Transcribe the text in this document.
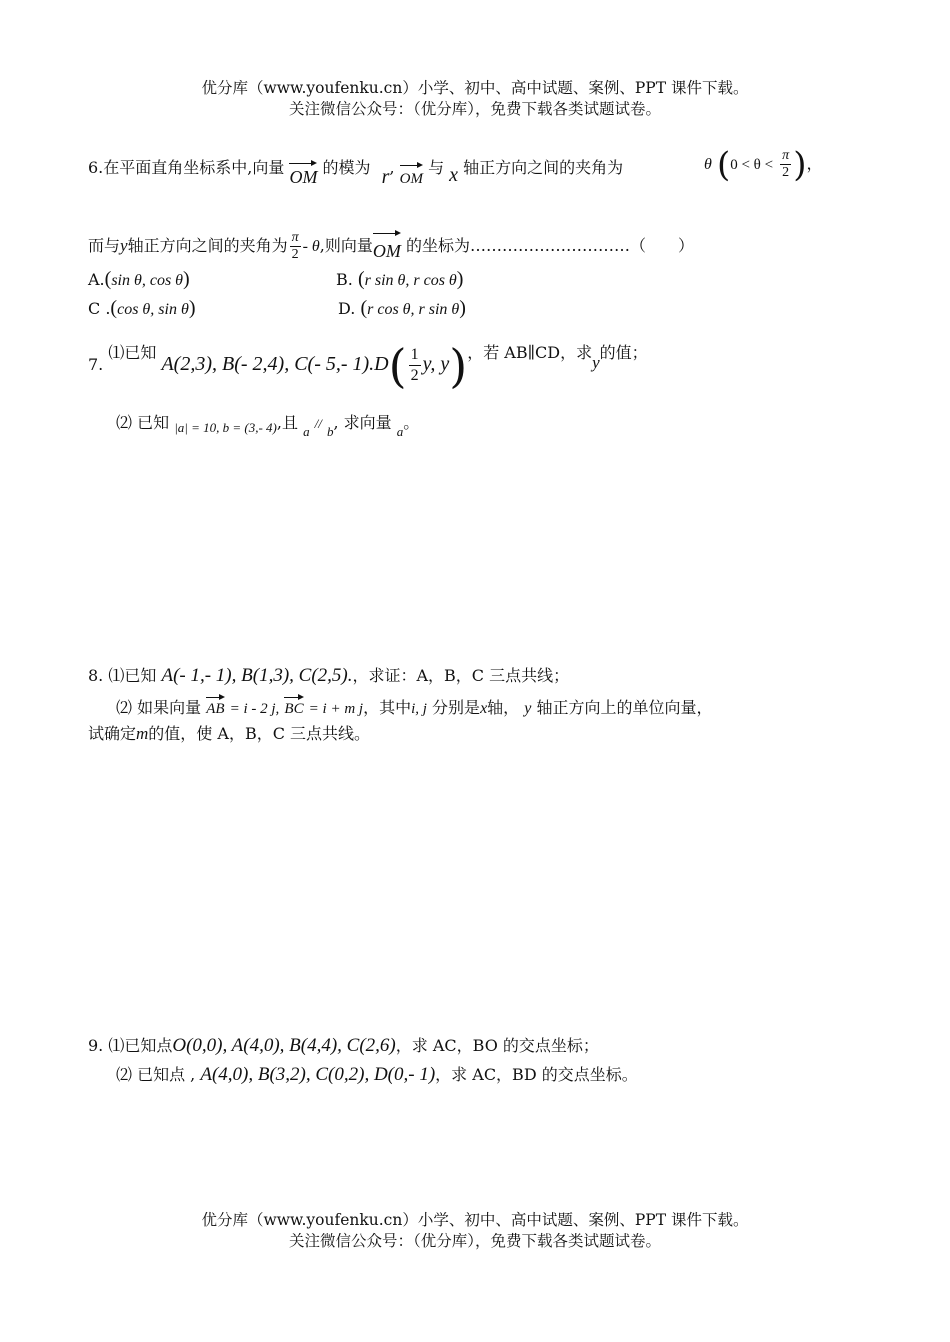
优分库（www.youfenku.cn）小学、初中、高中试题、案例、PPT 课件下载。
关注微信公众号：（优分库），免费下载各类试题试卷。
6.在平面直角坐标系中,向量 OM 的模为 r, OM 与 x 轴正方向之间的夹角为	θ ($0 < \theta < \frac{\pi}{2}$ )，
而与y轴正方向之间的夹角为 $\frac{\pi}{2}$ - θ,则向量OM 的坐标为…………………………（　　）
A.(sin θ, cos θ)	B. (r sin θ, r cos θ)
C .(cos θ, sin θ)	D. (r cos θ, r sin θ)
7. ⑴已知 A(2,3), B(- 2,4), C(- 5,- $1).D( \frac{1}{2} y$, y)，若 AB∥CD，求y的值；
⑵ 已知 $_{|a| = 10, b = (3,- 4)}$,且 $_a$ // $_b$, 求向量 $_a$。
8. ⑴已知 A(- 1,- 1), B(1,3), C(2,5).，求证：A，B，C 三点共线；
⑵ 如果向量 AB = i - 2 j, BC = i + m j，其中i, j 分别是x轴， y 轴正方向上的单位向量，
试确定m的值，使 A，B，C 三点共线。
9. ⑴已知点O(0,0), A(4,0), B(4,4), C(2,6)，求 AC，BO 的交点坐标；
⑵ 已知点 , A(4,0), B(3,2), C(0,2), D(0,- 1)，求 AC，BD 的交点坐标。
优分库（www.youfenku.cn）小学、初中、高中试题、案例、PPT 课件下载。
关注微信公众号：（优分库），免费下载各类试题试卷。
